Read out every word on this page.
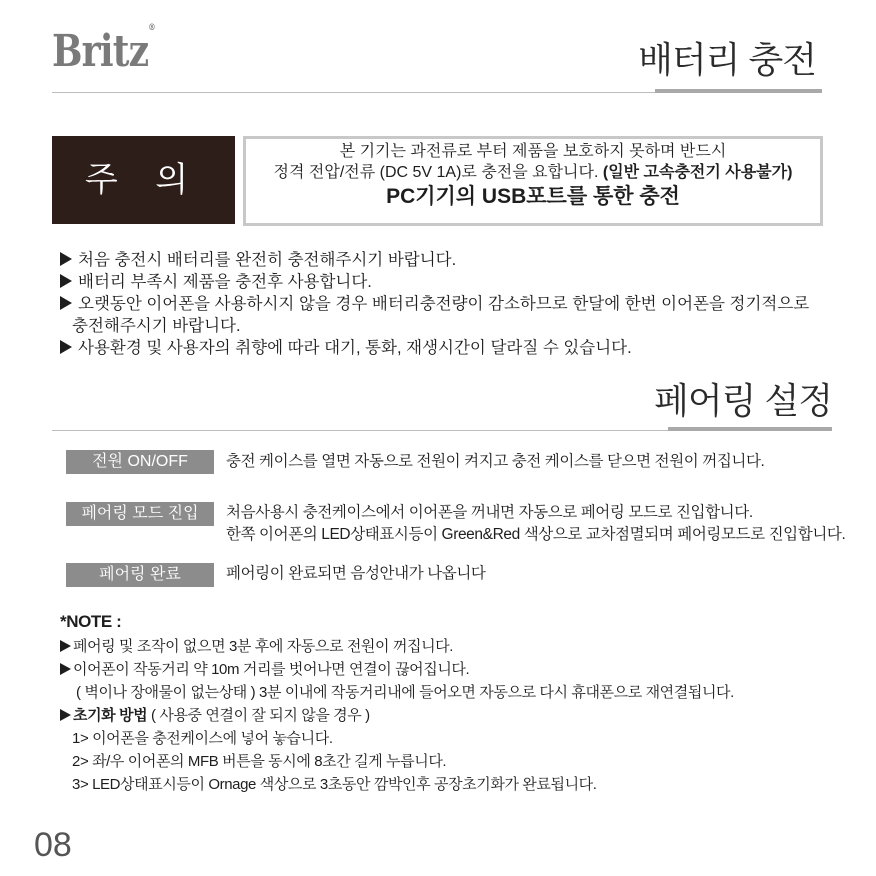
Britz®
배터리 충전
주 의
본 기기는 과전류로 부터 제품을 보호하지 못하며 반드시
정격 전압/전류 (DC 5V 1A)로 충전을 요합니다. (일반 고속충전기 사용불가)
PC기기의 USB포트를 통한 충전
처음 충전시 배터리를 완전히 충전해주시기 바랍니다.
배터리 부족시 제품을 충전후 사용합니다.
오랫동안 이어폰을 사용하시지 않을 경우 배터리충전량이 감소하므로 한달에 한번 이어폰을 정기적으로
충전해주시기 바랍니다.
사용환경 및 사용자의 취향에 따라 대기, 통화, 재생시간이 달라질 수 있습니다.
페어링 설정
전원 ON/OFF	충전 케이스를 열면 자동으로 전원이 켜지고 충전 케이스를 닫으면 전원이 꺼집니다.
페어링 모드 진입	처음사용시 충전케이스에서 이어폰을 꺼내면 자동으로 페어링 모드로 진입합니다.
한쪽 이어폰의 LED상태표시등이 Green&Red 색상으로 교차점멸되며 페어링모드로 진입합니다.
페어링 완료	페어링이 완료되면 음성안내가 나옵니다
*NOTE :
페어링 및 조작이 없으면 3분 후에 자동으로 전원이 꺼집니다.
이어폰이 작동거리 약 10m 거리를 벗어나면 연결이 끊어집니다.
( 벽이나 장애물이 없는상태 ) 3분 이내에 작동거리내에 들어오면 자동으로 다시 휴대폰으로 재연결됩니다.
초기화 방법 ( 사용중 연결이 잘 되지 않을 경우 )
1> 이어폰을 충전케이스에 넣어 놓습니다.
2> 좌/우 이어폰의 MFB 버튼을 동시에 8초간 길게 누릅니다.
3> LED상태표시등이 Ornage 색상으로 3초동안 깜박인후 공장초기화가 완료됩니다.
08
